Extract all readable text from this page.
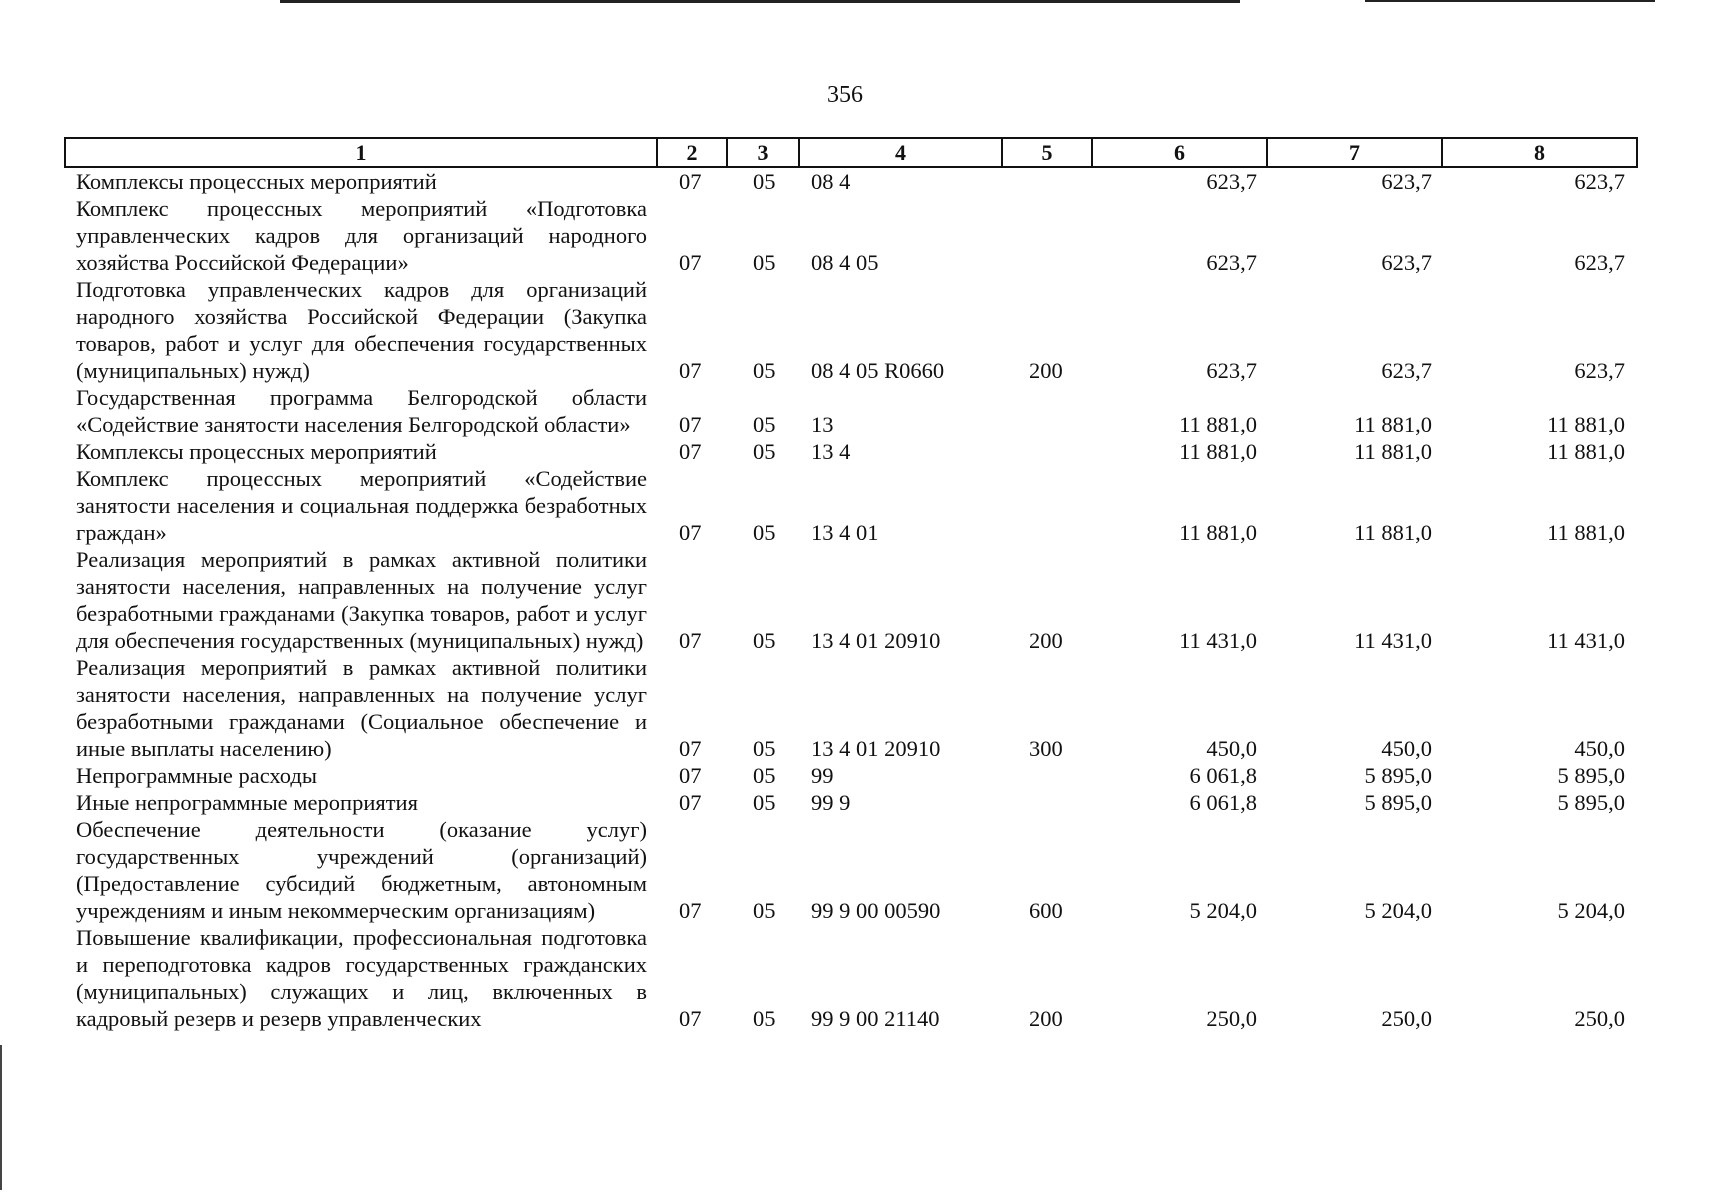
356
1	2	3	4	5	6	7	8
Комплексы процессных мероприятий	07	05	08 4		623,7	623,7	623,7
Комплекс процессных мероприятий «Подготовка управленческих кадров для организаций народного хозяйства Российской Федерации»	07	05	08 4 05		623,7	623,7	623,7
Подготовка управленческих кадров для организаций народного хозяйства Российской Федерации (Закупка товаров, работ и услуг для обеспечения государственных (муниципальных) нужд)	07	05	08 4 05 R0660	200	623,7	623,7	623,7
Государственная программа Белгородской области «Содействие занятости населения Белгородской области»	07	05	13		11 881,0	11 881,0	11 881,0
Комплексы процессных мероприятий	07	05	13 4		11 881,0	11 881,0	11 881,0
Комплекс процессных мероприятий «Содействие занятости населения и социальная поддержка безработных граждан»	07	05	13 4 01		11 881,0	11 881,0	11 881,0
Реализация мероприятий в рамках активной политики занятости населения, направленных на получение услуг безработными гражданами (Закупка товаров, работ и услуг для обеспечения государственных (муниципальных) нужд)	07	05	13 4 01 20910	200	11 431,0	11 431,0	11 431,0
Реализация мероприятий в рамках активной политики занятости населения, направленных на получение услуг безработными гражданами (Социальное обеспечение и иные выплаты населению)	07	05	13 4 01 20910	300	450,0	450,0	450,0
Непрограммные расходы	07	05	99		6 061,8	5 895,0	5 895,0
Иные непрограммные мероприятия	07	05	99 9		6 061,8	5 895,0	5 895,0
Обеспечение деятельности (оказание услуг) государственных учреждений (организаций) (Предоставление субсидий бюджетным, автономным учреждениям и иным некоммерческим организациям)	07	05	99 9 00 00590	600	5 204,0	5 204,0	5 204,0
Повышение квалификации, профессиональная подготовка и переподготовка кадров государственных гражданских (муниципальных) служащих и лиц, включенных в кадровый резерв и резерв управленческих	07	05	99 9 00 21140	200	250,0	250,0	250,0
